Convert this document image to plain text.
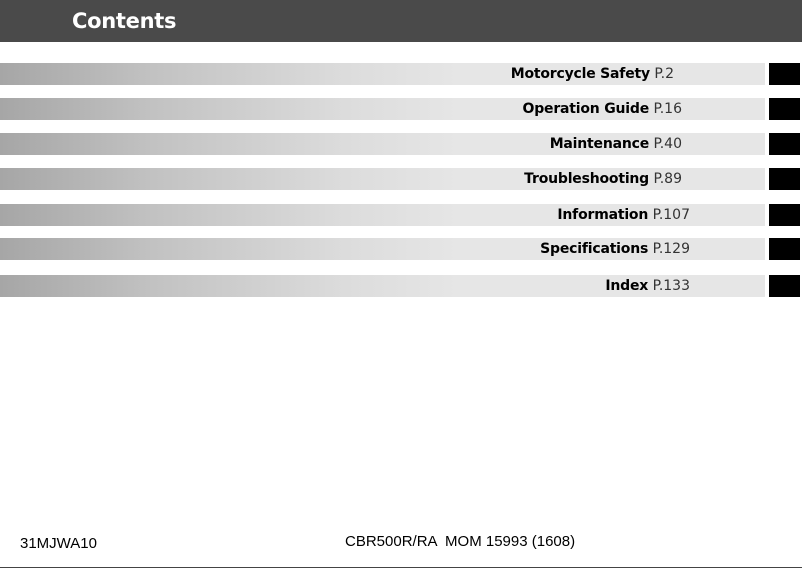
Contents
Motorcycle Safety P.2
Operation Guide P.16
Maintenance P.40
Troubleshooting P.89
Information P.107
Specifications P.129
Index P.133
31MJWA10	CBR500R/RA  MOM 15993 (1608)
